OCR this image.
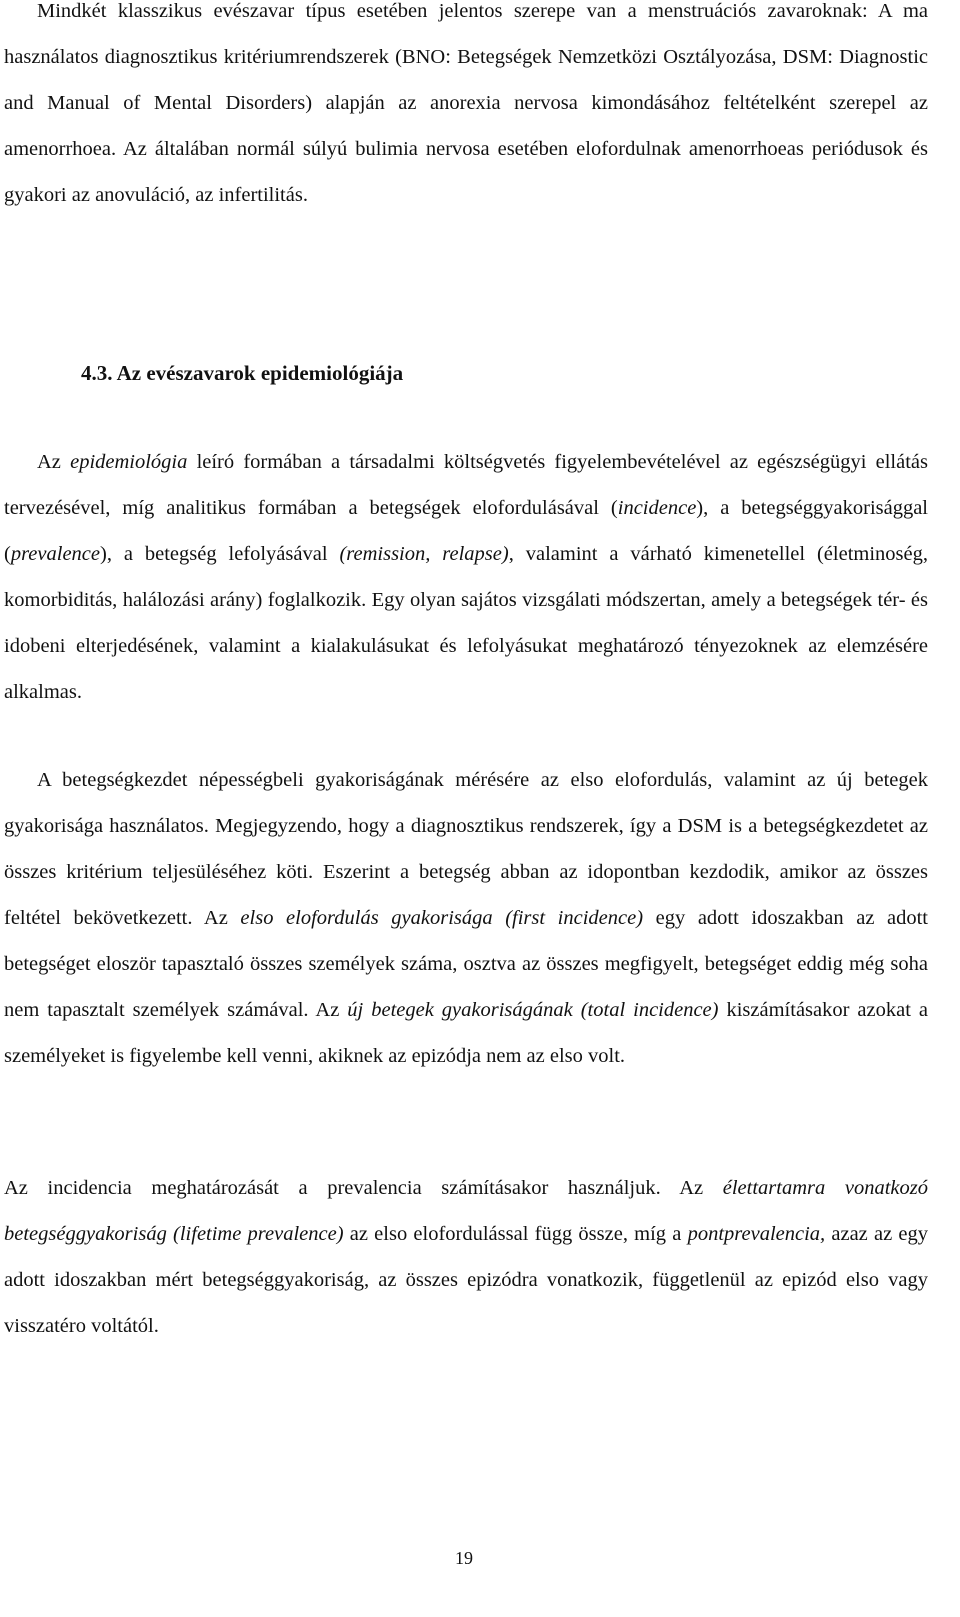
Mindkét klasszikus evészavar típus esetében jelentos szerepe van a menstruációs zavaroknak: A ma használatos diagnosztikus kritériumrendszerek (BNO: Betegségek Nemzetközi Osztályozása, DSM: Diagnostic and Manual of Mental Disorders) alapján az anorexia nervosa kimondásához feltételként szerepel az amenorrhoea. Az általában normál súlyú bulimia nervosa esetében elofordulnak amenorrhoeas periódusok és gyakori az anovuláció, az infertilitás.

4.3. Az evészavarok epidemiológiája

Az epidemiológia leíró formában a társadalmi költségvetés figyelembevételével az egészségügyi ellátás tervezésével, míg analitikus formában a betegségek elofordulásával (incidence), a betegséggyakorisággal (prevalence), a betegség lefolyásával (remission, relapse), valamint a várható kimenetellel (életminoség, komorbiditás, halálozási arány) foglalkozik. Egy olyan sajátos vizsgálati módszertan, amely a betegségek tér- és idobeni elterjedésének, valamint a kialakulásukat és lefolyásukat meghatározó tényezoknek az elemzésére alkalmas.

A betegségkezdet népességbeli gyakoriságának mérésére az elso elofordulás, valamint az új betegek gyakorisága használatos. Megjegyzendo, hogy a diagnosztikus rendszerek, így a DSM is a betegségkezdetet az összes kritérium teljesüléséhez köti. Eszerint a betegség abban az idopontban kezdodik, amikor az összes feltétel bekövetkezett. Az elso elofordulás gyakorisága (first incidence) egy adott idoszakban az adott betegséget eloször tapasztaló összes személyek száma, osztva az összes megfigyelt, betegséget eddig még soha nem tapasztalt személyek számával. Az új betegek gyakoriságának (total incidence) kiszámításakor azokat a személyeket is figyelembe kell venni, akiknek az epizódja nem az elso volt.

Az incidencia meghatározását a prevalencia számításakor használjuk. Az élettartamra vonatkozó betegséggyakoriság (lifetime prevalence) az elso elofordulással függ össze, míg a pontprevalencia, azaz az egy adott idoszakban mért betegséggyakoriság, az összes epizódra vonatkozik, függetlenül az epizód elso vagy visszatéro voltától.

19
